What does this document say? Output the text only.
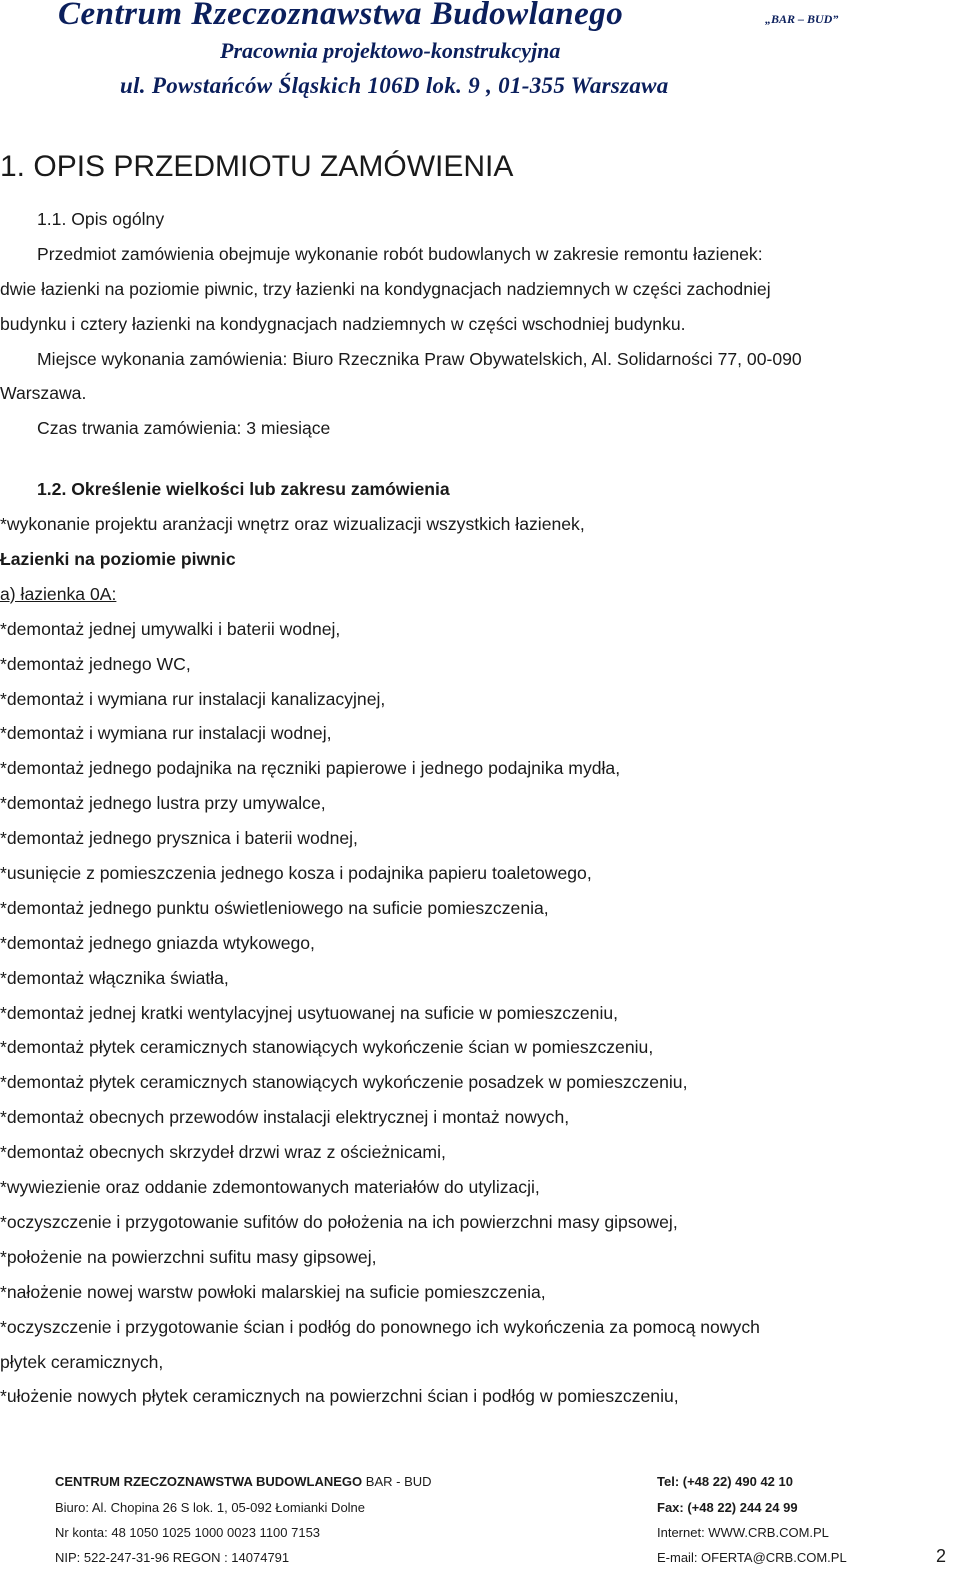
Centrum Rzeczoznawstwa Budowlanego	„BAR – BUD”
Pracownia projektowo-konstrukcyjna
ul. Powstańców Śląskich 106D lok. 9 , 01-355 Warszawa
1. OPIS PRZEDMIOTU ZAMÓWIENIA
1.1. Opis ogólny
Przedmiot zamówienia obejmuje wykonanie robót budowlanych w zakresie remontu łazienek:
dwie łazienki na poziomie piwnic, trzy łazienki na kondygnacjach nadziemnych w części zachodniej
budynku i cztery łazienki na kondygnacjach nadziemnych w części wschodniej budynku.
Miejsce wykonania zamówienia: Biuro Rzecznika Praw Obywatelskich, Al. Solidarności 77, 00-090
Warszawa.
Czas trwania zamówienia: 3 miesiące
1.2. Określenie wielkości lub zakresu zamówienia
*wykonanie projektu aranżacji wnętrz oraz wizualizacji wszystkich łazienek,
Łazienki na poziomie piwnic
a) łazienka 0A:
*demontaż jednej umywalki i baterii wodnej,
*demontaż jednego WC,
*demontaż i wymiana rur instalacji kanalizacyjnej,
*demontaż i wymiana rur instalacji wodnej,
*demontaż jednego podajnika na ręczniki papierowe i jednego podajnika mydła,
*demontaż jednego lustra przy umywalce,
*demontaż jednego prysznica i baterii wodnej,
*usunięcie z pomieszczenia jednego kosza i podajnika papieru toaletowego,
*demontaż jednego punktu oświetleniowego na suficie pomieszczenia,
*demontaż jednego gniazda wtykowego,
*demontaż włącznika światła,
*demontaż jednej kratki wentylacyjnej usytuowanej na suficie w pomieszczeniu,
*demontaż płytek ceramicznych stanowiących wykończenie ścian w pomieszczeniu,
*demontaż płytek ceramicznych stanowiących wykończenie posadzek w pomieszczeniu,
*demontaż obecnych przewodów instalacji elektrycznej i montaż nowych,
*demontaż obecnych skrzydeł drzwi wraz z ościeżnicami,
*wywiezienie oraz oddanie zdemontowanych materiałów do utylizacji,
*oczyszczenie i przygotowanie sufitów do położenia na ich powierzchni masy gipsowej,
*położenie na powierzchni sufitu masy gipsowej,
*nałożenie nowej warstw powłoki malarskiej na suficie pomieszczenia,
*oczyszczenie i przygotowanie ścian i podłóg do ponownego ich wykończenia za pomocą nowych
płytek ceramicznych,
*ułożenie nowych płytek ceramicznych na powierzchni ścian i podłóg w pomieszczeniu,
CENTRUM RZECZOZNAWSTWA BUDOWLANEGO BAR - BUD
Biuro: Al. Chopina 26 S lok. 1, 05-092 Łomianki Dolne
Nr konta: 48 1050 1025 1000 0023 1100 7153
NIP: 522-247-31-96 REGON : 14074791
Tel: (+48 22) 490 42 10
Fax: (+48 22) 244 24 99
Internet: WWW.CRB.COM.PL
E-mail: OFERTA@CRB.COM.PL	2
